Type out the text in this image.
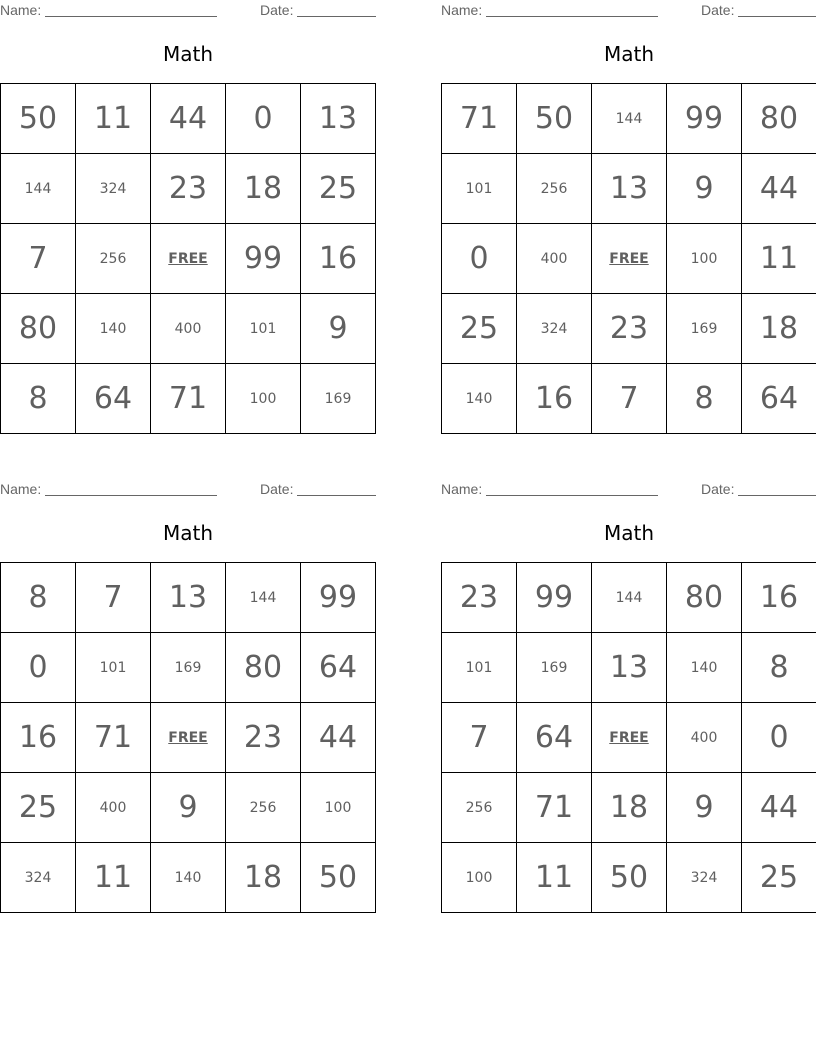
Name:	Date:
Math
50	11	44	0	13
144	324	23	18	25
7	256	FREE	99	16
80	140	400	101	9
8	64	71	100	169
Name:	Date:
Math
71	50	144	99	80
101	256	13	9	44
0	400	FREE	100	11
25	324	23	169	18
140	16	7	8	64
Name:	Date:
Math
8	7	13	144	99
0	101	169	80	64
16	71	FREE	23	44
25	400	9	256	100
324	11	140	18	50
Name:	Date:
Math
23	99	144	80	16
101	169	13	140	8
7	64	FREE	400	0
256	71	18	9	44
100	11	50	324	25
